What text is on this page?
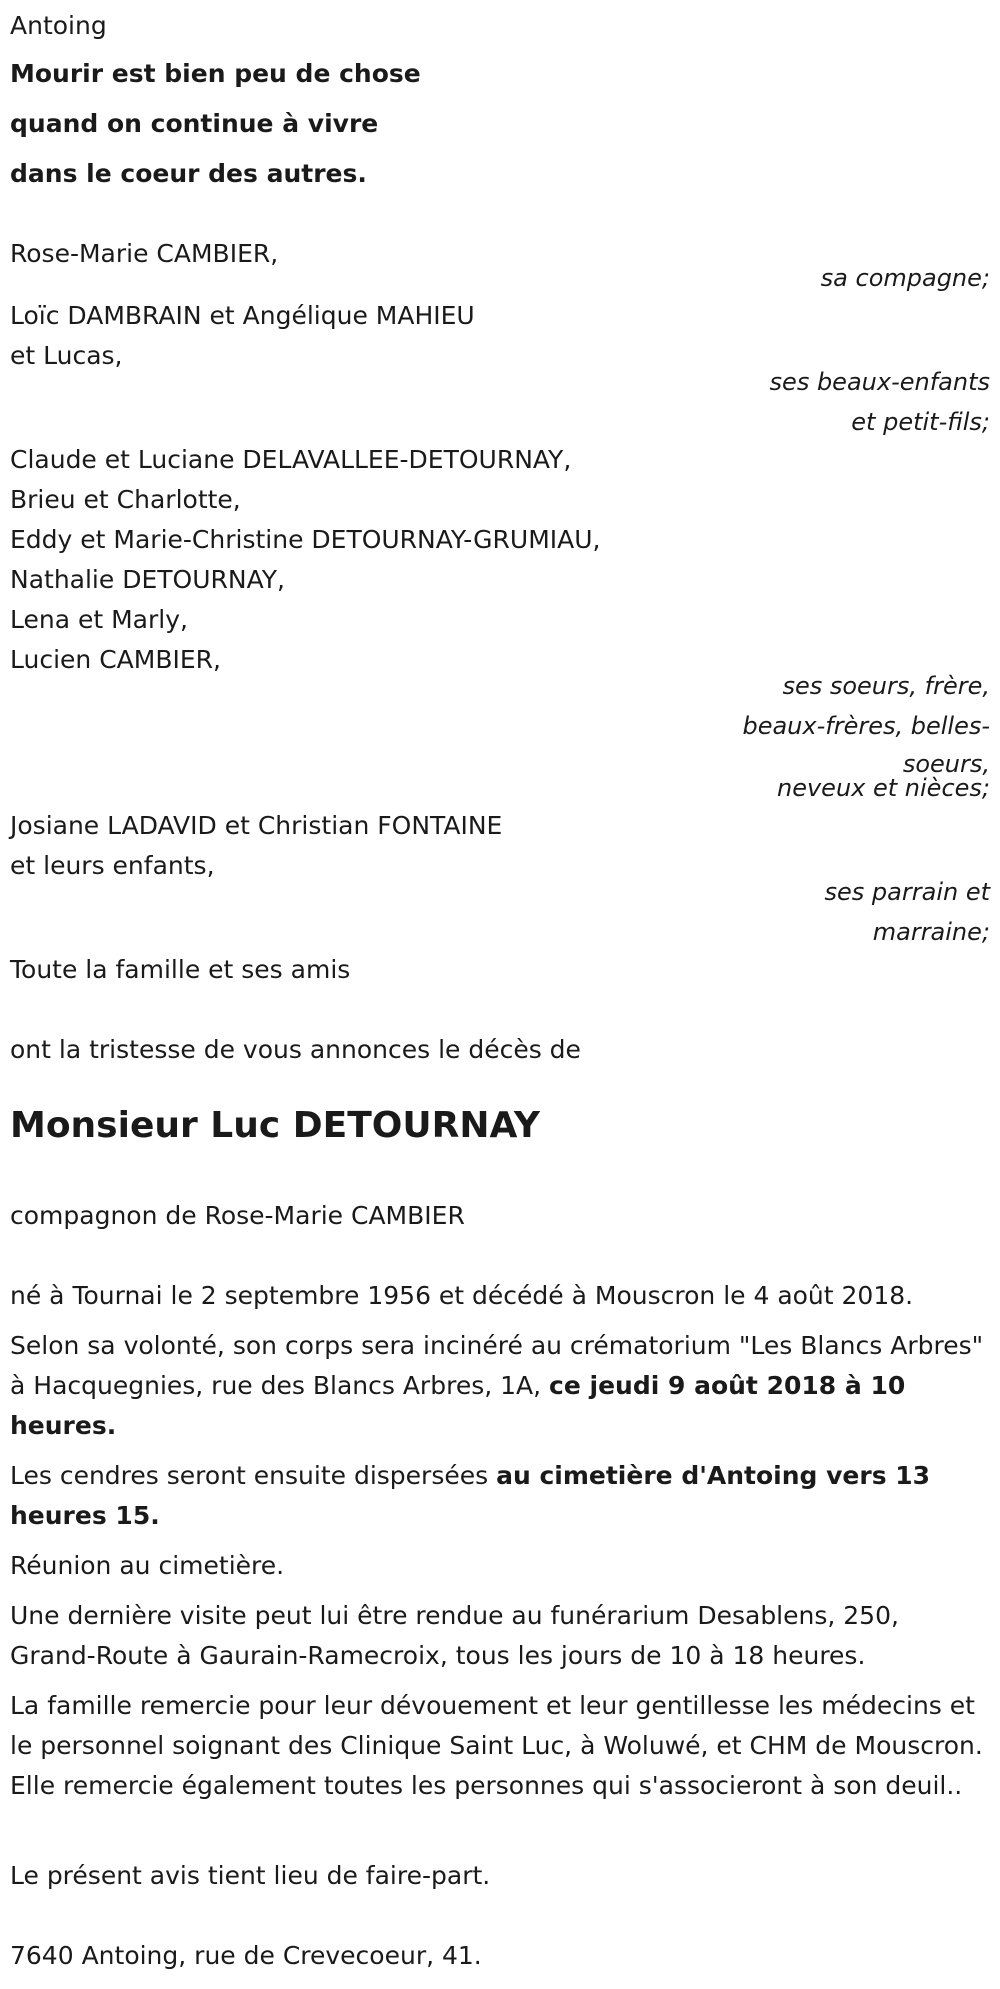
Antoing

Mourir est bien peu de chose

quand on continue à vivre

dans le coeur des autres.

Rose-Marie CAMBIER,

sa compagne;

Loïc DAMBRAIN et Angélique MAHIEU

et Lucas,

ses beaux-enfants

et petit-fils;

Claude et Luciane DELAVALLEE-DETOURNAY,

Brieu et Charlotte,

Eddy et Marie-Christine DETOURNAY-GRUMIAU,

Nathalie DETOURNAY,

Lena et Marly,

Lucien CAMBIER,

ses soeurs, frère,

beaux-frères, belles-

soeurs,

neveux et nièces;

Josiane LADAVID et Christian FONTAINE

et leurs enfants,

ses parrain et

marraine;

Toute la famille et ses amis

ont la tristesse de vous annonces le décès de

Monsieur Luc DETOURNAY

compagnon de Rose-Marie CAMBIER

né à Tournai le 2 septembre 1956 et décédé à Mouscron le 4 août 2018.

Selon sa volonté, son corps sera incinéré au crématorium "Les Blancs Arbres" à Hacquegnies, rue des Blancs Arbres, 1A, ce jeudi 9 août 2018 à 10 heures.

Les cendres seront ensuite dispersées au cimetière d'Antoing vers 13 heures 15.

Réunion au cimetière.

Une dernière visite peut lui être rendue au funérarium Desablens, 250, Grand-Route à Gaurain-Ramecroix, tous les jours de 10 à 18 heures.

La famille remercie pour leur dévouement et leur gentillesse les médecins et le personnel soignant des Clinique Saint Luc, à Woluwé, et CHM de Mouscron. Elle remercie également toutes les personnes qui s'associeront à son deuil..

Le présent avis tient lieu de faire-part.

7640 Antoing, rue de Crevecoeur, 41.
